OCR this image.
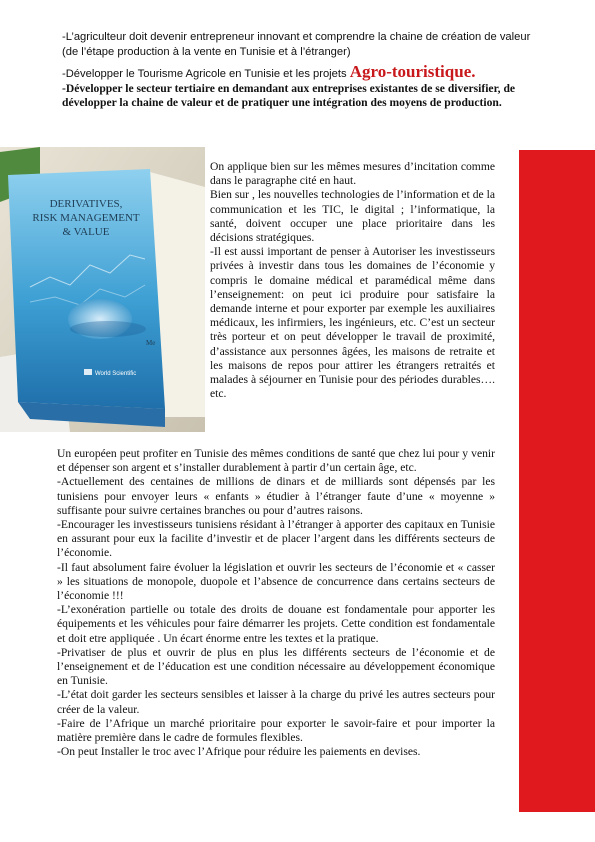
-L’agriculteur doit devenir entrepreneur innovant et comprendre la chaine de création de valeur (de l’étape production à la vente en Tunisie et à l’étranger)

-Développer le Tourisme Agricole en Tunisie et les projets Agro-touristique.

-Développer le secteur tertiaire en demandant aux entreprises existantes de se diversifier, de développer la chaine de valeur et de pratiquer une intégration des moyens de production.

DERIVATIVES,
RISK MANAGEMENT
& VALUE
Me
World Scientific

On applique bien sur les mêmes mesures d’incitation comme dans le paragraphe cité en haut.

Bien sur , les nouvelles technologies de l’information et de la communication et les TIC, le digital ; l’informatique, la santé, doivent occuper une place prioritaire dans les décisions stratégiques.

-Il est aussi important de penser à Autoriser les investisseurs privées à investir dans tous les domaines de l’économie y compris le domaine médical et paramédical même dans l’enseignement: on peut ici produire pour satisfaire la demande interne et pour exporter par exemple les auxiliaires médicaux, les infirmiers, les ingénieurs, etc. C’est un secteur très porteur et on peut développer le travail de proximité, d’assistance aux personnes âgées, les maisons de retraite et les maisons de repos pour attirer les étrangers retraités et malades à séjourner en Tunisie pour des périodes durables…. etc.

Un européen peut profiter en Tunisie des mêmes conditions de santé que chez lui pour y venir et dépenser son argent et s’installer durablement à partir d’un certain âge, etc.

-Actuellement des centaines de millions de dinars et de milliards sont dépensés par les tunisiens pour envoyer leurs « enfants » étudier à l’étranger faute d’une « moyenne » suffisante pour suivre certaines branches ou pour d’autres raisons.

-Encourager les investisseurs tunisiens résidant à l’étranger à apporter des capitaux en Tunisie en assurant pour eux la facilite d’investir et de placer l’argent dans les différents secteurs de l’économie.

-Il faut absolument faire évoluer la législation et ouvrir les secteurs de l’économie et « casser » les situations de monopole, duopole et l’absence de concurrence dans certains secteurs de l’économie !!!

-L’exonération partielle ou totale des droits de douane est fondamentale pour apporter les équipements et les véhicules pour faire démarrer les projets. Cette condition est fondamentale et doit etre appliquée . Un écart énorme entre les textes et la pratique.

-Privatiser de plus et ouvrir de plus en plus les différents secteurs de l’économie et de l’enseignement et de l’éducation est une condition nécessaire au développement économique en Tunisie.

-L’état doit garder les secteurs sensibles et laisser à la charge du privé les autres secteurs pour créer de la valeur.

-Faire de l’Afrique un marché prioritaire pour exporter le savoir-faire et pour importer la matière première dans le cadre de formules flexibles.

-On peut Installer le troc avec l’Afrique pour réduire les paiements en devises.
